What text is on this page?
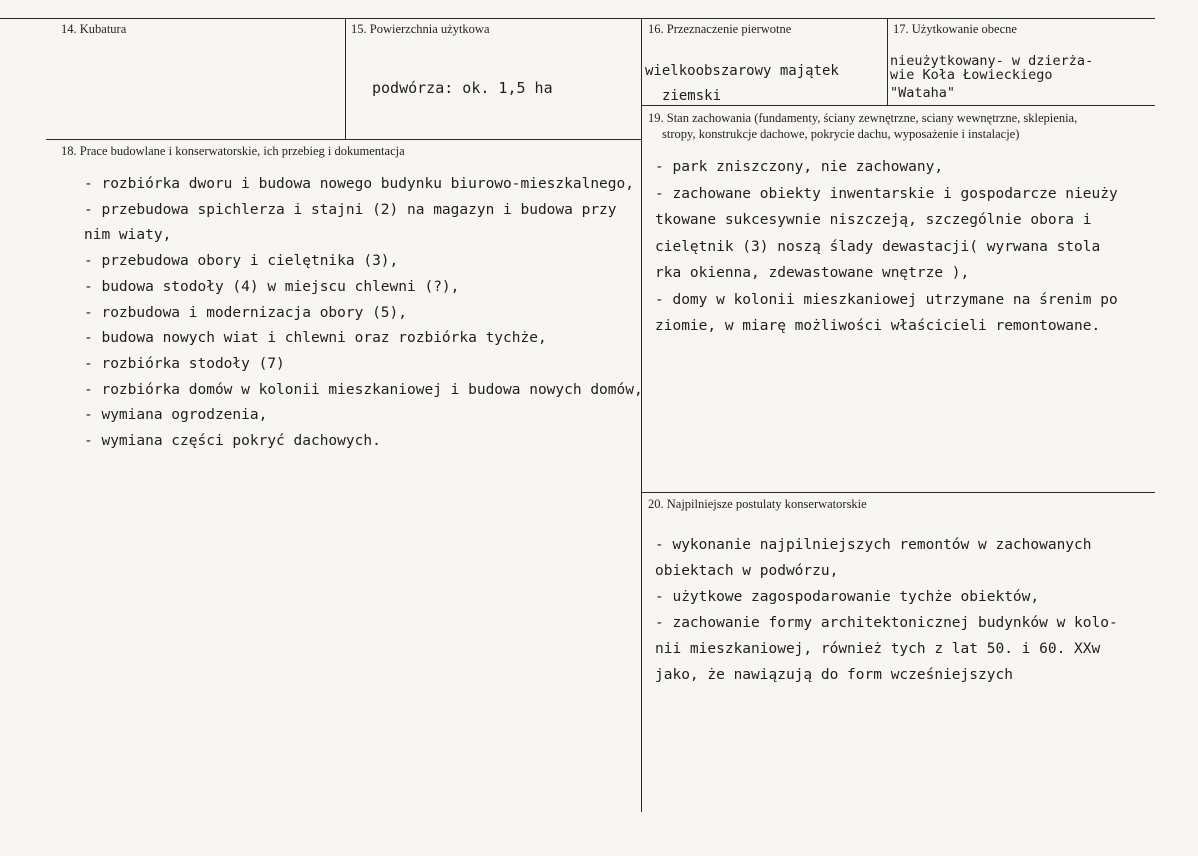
14. Kubatura	15. Powierzchnia użytkowa
podwórza: ok. 1,5 ha
16. Przeznaczenie pierwotne
wielkoobszarowy majątek
ziemski
17. Użytkowanie obecne
nieużytkowany- w dzierża-
wie Koła Łowieckiego
"Wataha"
19. Stan zachowania (fundamenty, ściany zewnętrzne, sciany wewnętrzne, sklepienia,
stropy, konstrukcje dachowe, pokrycie dachu, wyposażenie i instalacje)
- park zniszczony, nie zachowany,
- zachowane obiekty inwentarskie i gospodarcze nieuży
tkowane sukcesywnie niszczeją, szczególnie obora i
cielętnik (3) noszą ślady dewastacji( wyrwana stola
rka okienna, zdewastowane wnętrze ),
- domy w kolonii mieszkaniowej utrzymane na śrenim po
ziomie, w miarę możliwości właścicieli remontowane.
18. Prace budowlane i konserwatorskie, ich przebieg i dokumentacja
- rozbiórka dworu i budowa nowego budynku biurowo-mieszkalnego,
- przebudowa spichlerza i stajni (2) na magazyn i budowa przy
nim wiaty,
- przebudowa obory i cielętnika (3),
- budowa stodoły (4) w miejscu chlewni (?),
- rozbudowa i modernizacja obory (5),
- budowa nowych wiat i chlewni oraz rozbiórka tychże,
- rozbiórka stodoły (7)
- rozbiórka domów w kolonii mieszkaniowej i budowa nowych domów,
- wymiana ogrodzenia,
- wymiana części pokryć dachowych.
20. Najpilniejsze postulaty konserwatorskie
- wykonanie najpilniejszych remontów w zachowanych
obiektach w podwórzu,
- użytkowe zagospodarowanie tychże obiektów,
- zachowanie formy architektonicznej budynków w kolo-
nii mieszkaniowej, również tych z lat 50. i 60. XXw
jako, że nawiązują do form wcześniejszych
